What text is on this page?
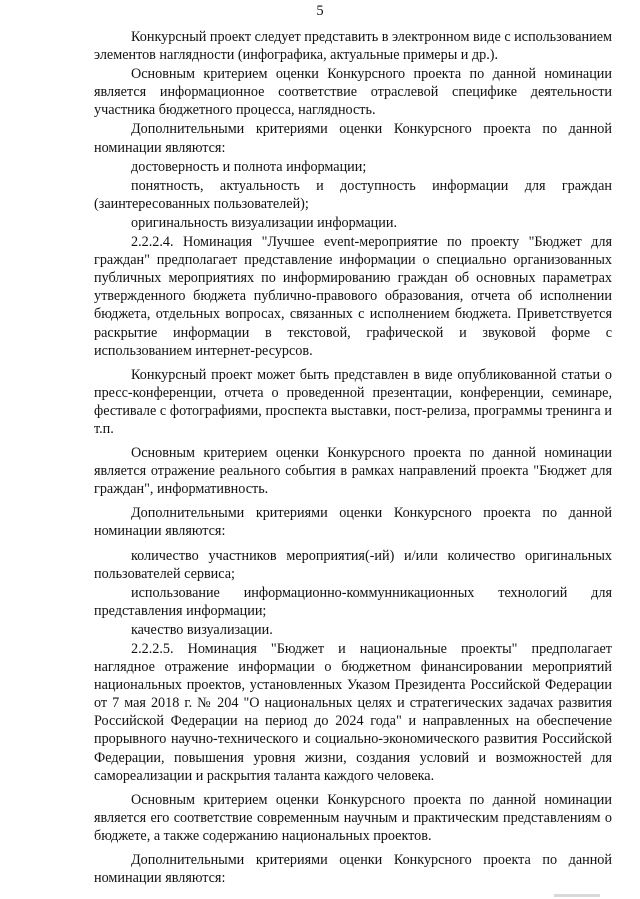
5

Конкурсный проект следует представить в электронном виде с использованием элементов наглядности (инфографика, актуальные примеры и др.).

Основным критерием оценки Конкурсного проекта по данной номинации является информационное соответствие отраслевой специфике деятельности участника бюджетного процесса, наглядность.

Дополнительными критериями оценки Конкурсного проекта по данной номинации являются:

достоверность и полнота информации;

понятность, актуальность и доступность информации для граждан (заинтересованных пользователей);

оригинальность визуализации информации.

2.2.2.4. Номинация "Лучшее event-мероприятие по проекту "Бюджет для граждан" предполагает представление информации о специально организованных публичных мероприятиях по информированию граждан об основных параметрах утвержденного бюджета публично-правового образования, отчета об исполнении бюджета, отдельных вопросах, связанных с исполнением бюджета. Приветствуется раскрытие информации в текстовой, графической и звуковой форме с использованием интернет-ресурсов.

Конкурсный проект может быть представлен в виде опубликованной статьи о пресс-конференции, отчета о проведенной презентации, конференции, семинаре, фестивале с фотографиями, проспекта выставки, пост-релиза, программы тренинга и т.п.

Основным критерием оценки Конкурсного проекта по данной номинации является отражение реального события в рамках направлений проекта "Бюджет для граждан", информативность.

Дополнительными критериями оценки Конкурсного проекта по данной номинации являются:

количество участников мероприятия(-ий) и/или количество оригинальных пользователей сервиса;

использование информационно-коммунникационных технологий для представления информации;

качество визуализации.

2.2.2.5. Номинация "Бюджет и национальные проекты" предполагает наглядное отражение информации о бюджетном финансировании мероприятий национальных проектов, установленных Указом Президента Российской Федерации от 7 мая 2018 г. № 204 "О национальных целях и стратегических задачах развития Российской Федерации на период до 2024 года" и направленных на обеспечение прорывного научно-технического и социально-экономического развития Российской Федерации, повышения уровня жизни, создания условий и возможностей для самореализации и раскрытия таланта каждого человека.

Основным критерием оценки Конкурсного проекта по данной номинации является его соответствие современным научным и практическим представлениям о бюджете, а также содержанию национальных проектов.

Дополнительными критериями оценки Конкурсного проекта по данной номинации являются:
